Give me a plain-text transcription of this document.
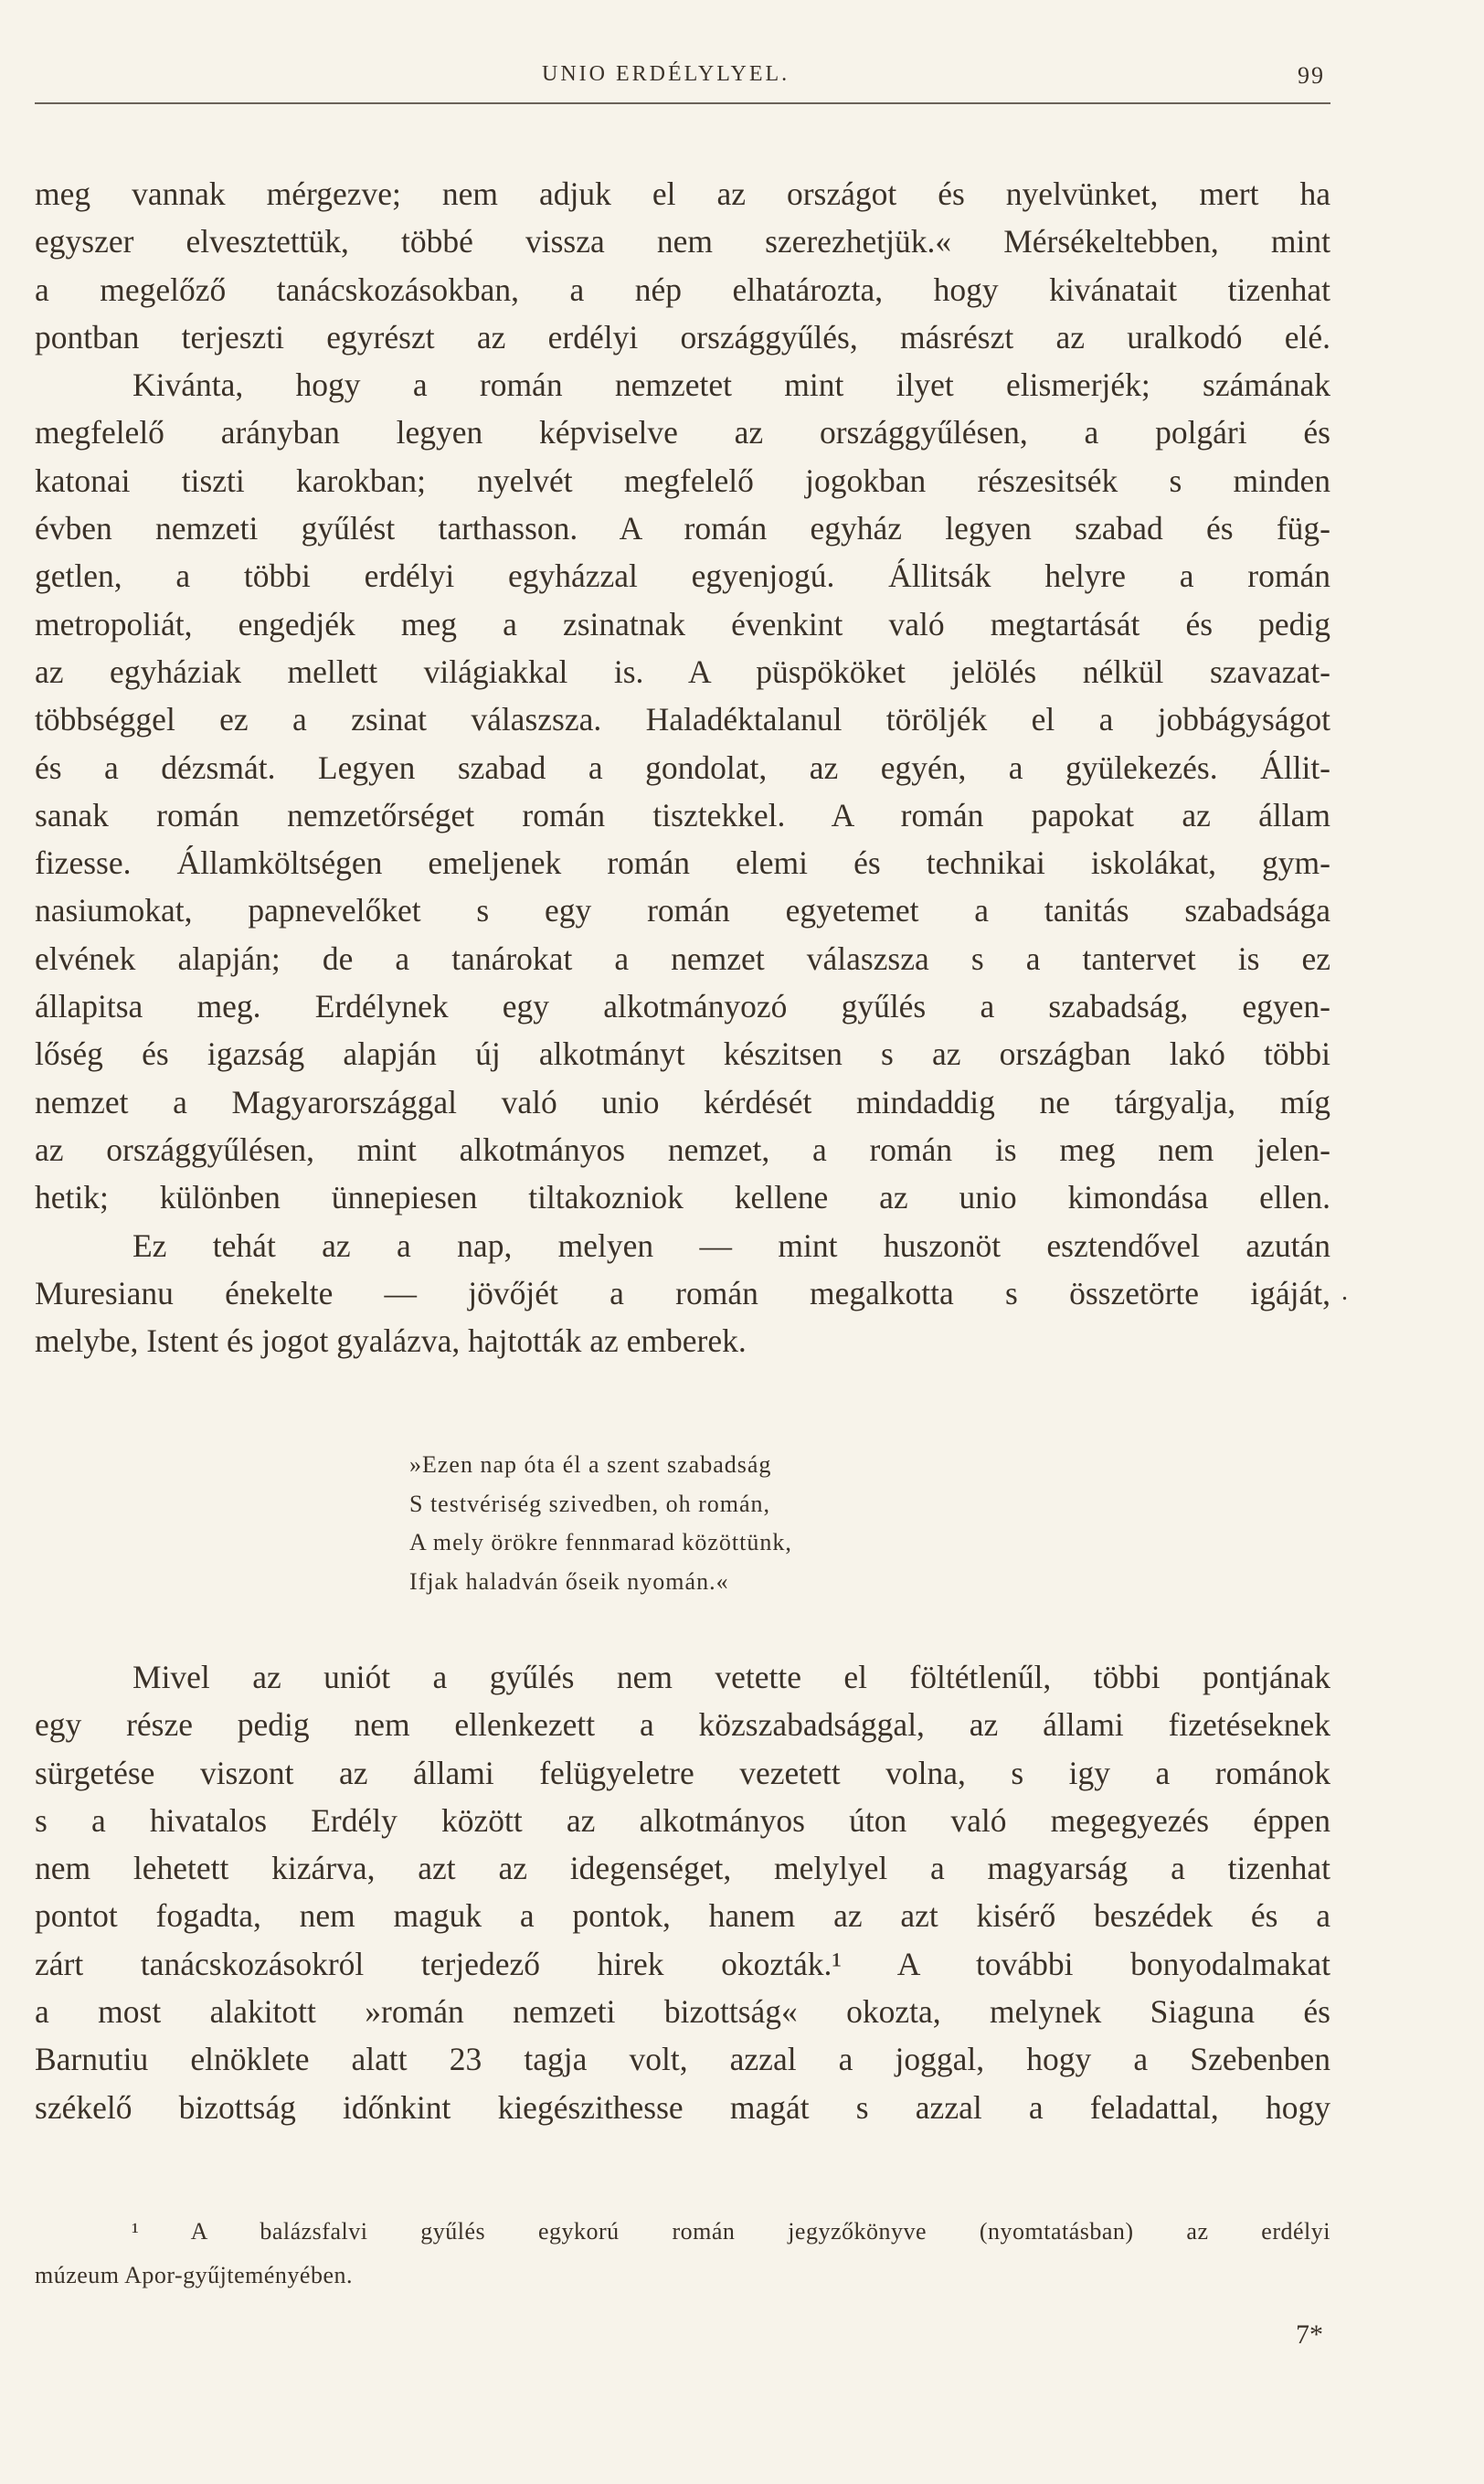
UNIO ERDÉLYLYEL.	99
meg vannak mérgezve; nem adjuk el az országot és nyelvünket, mert ha
egyszer elvesztettük, többé vissza nem szerezhetjük.« Mérsékeltebben, mint
a megelőző tanácskozásokban, a nép elhatározta, hogy kivánatait tizenhat
pontban terjeszti egyrészt az erdélyi országgyűlés, másrészt az uralkodó elé.
Kivánta, hogy a román nemzetet mint ilyet elismerjék; számának
megfelelő arányban legyen képviselve az országgyűlésen, a polgári és
katonai tiszti karokban; nyelvét megfelelő jogokban részesitsék s minden
évben nemzeti gyűlést tarthasson. A román egyház legyen szabad és füg-
getlen, a többi erdélyi egyházzal egyenjogú. Állitsák helyre a román
metropoliát, engedjék meg a zsinatnak évenkint való megtartását és pedig
az egyháziak mellett világiakkal is. A püspököket jelölés nélkül szavazat-
többséggel ez a zsinat válaszsza. Haladéktalanul töröljék el a jobbágyságot
és a dézsmát. Legyen szabad a gondolat, az egyén, a gyülekezés. Állit-
sanak román nemzetőrséget román tisztekkel. A román papokat az állam
fizesse. Államköltségen emeljenek román elemi és technikai iskolákat, gym-
nasiumokat, papnevelőket s egy román egyetemet a tanitás szabadsága
elvének alapján; de a tanárokat a nemzet válaszsza s a tantervet is ez
állapitsa meg. Erdélynek egy alkotmányozó gyűlés a szabadság, egyen-
lőség és igazság alapján új alkotmányt készitsen s az országban lakó többi
nemzet a Magyarországgal való unio kérdését mindaddig ne tárgyalja, míg
az országgyűlésen, mint alkotmányos nemzet, a román is meg nem jelen-
hetik; különben ünnepiesen tiltakozniok kellene az unio kimondása ellen.
Ez tehát az a nap, melyen — mint huszonöt esztendővel azután
Muresianu énekelte — jövőjét a román megalkotta s összetörte igáját,
melybe, Istent és jogot gyalázva, hajtották az emberek.
»Ezen nap óta él a szent szabadság
S testvériség szivedben, oh román,
A mely örökre fennmarad közöttünk,
Ifjak haladván őseik nyomán.«
Mivel az uniót a gyűlés nem vetette el föltétlenűl, többi pontjának
egy része pedig nem ellenkezett a közszabadsággal, az állami fizetéseknek
sürgetése viszont az állami felügyeletre vezetett volna, s igy a románok
s a hivatalos Erdély között az alkotmányos úton való megegyezés éppen
nem lehetett kizárva, azt az idegenséget, melylyel a magyarság a tizenhat
pontot fogadta, nem maguk a pontok, hanem az azt kisérő beszédek és a
zárt tanácskozásokról terjedező hirek okozták.¹ A további bonyodalmakat
a most alakitott »román nemzeti bizottság« okozta, melynek Siaguna és
Barnutiu elnöklete alatt 23 tagja volt, azzal a joggal, hogy a Szebenben
székelő bizottság időnkint kiegészithesse magát s azzal a feladattal, hogy
¹ A balázsfalvi gyűlés egykorú román jegyzőkönyve (nyomtatásban) az erdélyi
múzeum Apor-gyűjteményében.
7*
.
